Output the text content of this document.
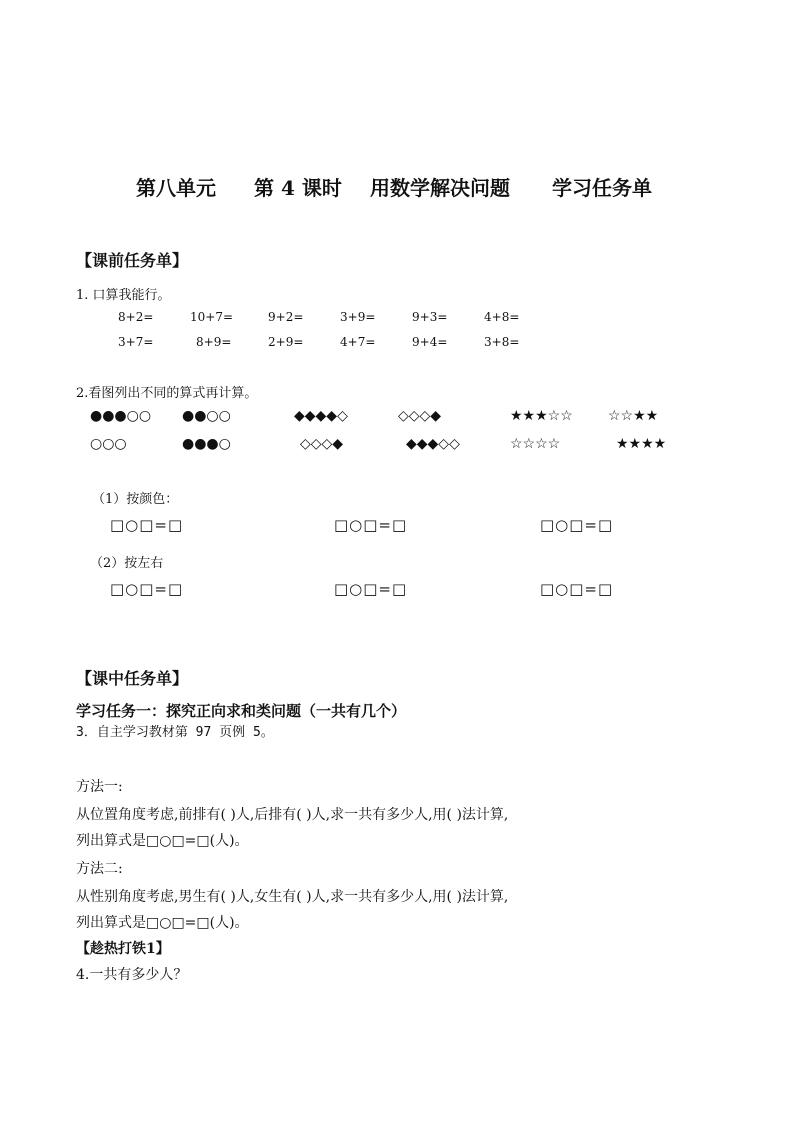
第八单元 第 4 课时 用数学解决问题 学习任务单
【课前任务单】
1. 口算我能行。
8+2=	10+7=	9+2=	3+9=	9+3=	4+8=
3+7=	8+9=	2+9=	4+7=	9+4=	3+8=
2.看图列出不同的算式再计算。
●●●○○ ●●○○	◆◆◆◆◇	◇◇◇◆	★★★☆☆	☆☆★★
○○○	●●●○	◇◇◇◆	◆◆◆◇◇	☆☆☆☆	★★★★
（1）按颜色：
□○□=□	□○□=□	□○□=□
（2）按左右
□○□=□	□○□=□	□○□=□
【课中任务单】
学习任务一：探究正向求和类问题（一共有几个）
3．自主学习教材第 97 页例 5。
方法一:
从位置角度考虑,前排有( )人,后排有( )人,求一共有多少人,用( )法计算,
列出算式是□○□=□(人)。
方法二:
从性别角度考虑,男生有( )人,女生有( )人,求一共有多少人,用( )法计算,
列出算式是□○□=□(人)。
【趁热打铁1】
4.一共有多少人？
